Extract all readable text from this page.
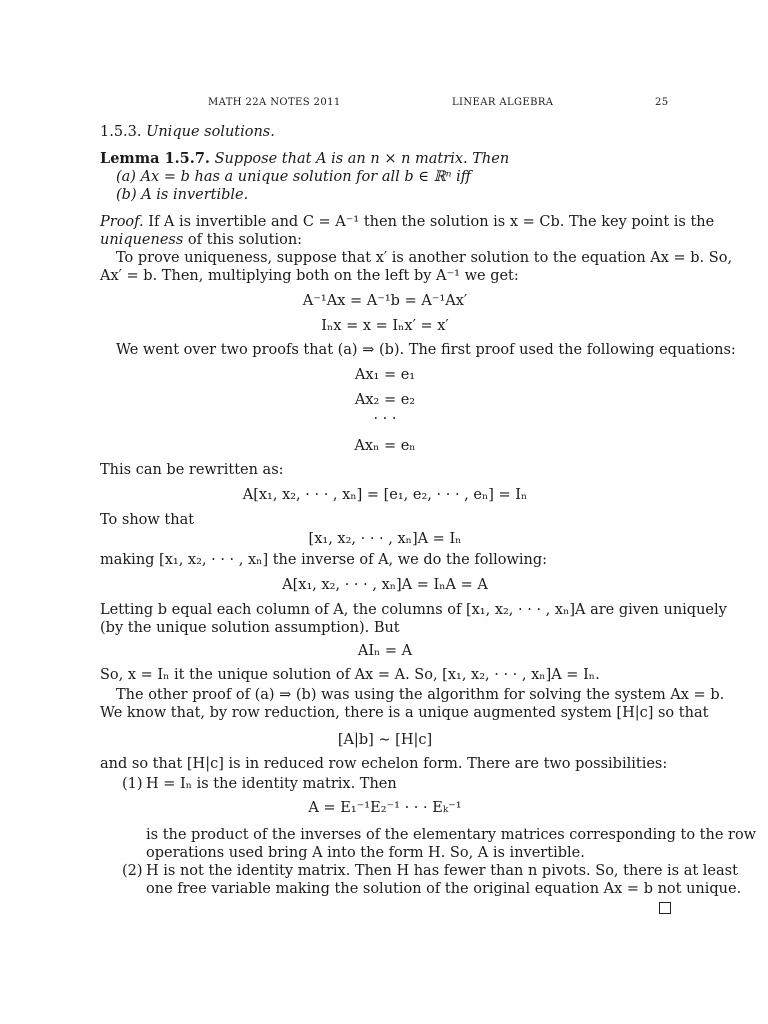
MATH 22A NOTES 2011	LINEAR ALGEBRA	25
1.5.3. Unique solutions.
Lemma 1.5.7. Suppose that A is an n × n matrix. Then
(a) Ax = b has a unique solution for all b ∈ ℝⁿ iff
(b) A is invertible.
Proof. If A is invertible and C = A⁻¹ then the solution is x = Cb. The key point is the
uniqueness of this solution:
To prove uniqueness, suppose that x′ is another solution to the equation Ax = b. So,
Ax′ = b. Then, multiplying both on the left by A⁻¹ we get:
A⁻¹Ax = A⁻¹b = A⁻¹Ax′
Iₙx = x = Iₙx′ = x′
We went over two proofs that (a) ⇒ (b). The first proof used the following equations:
Ax₁ = e₁
Ax₂ = e₂
· · ·
Axₙ = eₙ
This can be rewritten as:
A[x₁, x₂, · · · , xₙ] = [e₁, e₂, · · · , eₙ] = Iₙ
To show that
[x₁, x₂, · · · , xₙ]A = Iₙ
making [x₁, x₂, · · · , xₙ] the inverse of A, we do the following:
A[x₁, x₂, · · · , xₙ]A = IₙA = A
Letting b equal each column of A, the columns of [x₁, x₂, · · · , xₙ]A are given uniquely
(by the unique solution assumption). But
AIₙ = A
So, x = Iₙ it the unique solution of Ax = A. So, [x₁, x₂, · · · , xₙ]A = Iₙ.
The other proof of (a) ⇒ (b) was using the algorithm for solving the system Ax = b.
We know that, by row reduction, there is a unique augmented system [H|c] so that
[A|b] ∼ [H|c]
and so that [H|c] is in reduced row echelon form. There are two possibilities:
(1) H = Iₙ is the identity matrix. Then
A = E₁⁻¹E₂⁻¹ · · · Eₖ⁻¹
is the product of the inverses of the elementary matrices corresponding to the row
operations used bring A into the form H. So, A is invertible.
(2) H is not the identity matrix. Then H has fewer than n pivots. So, there is at least
one free variable making the solution of the original equation Ax = b not unique.
